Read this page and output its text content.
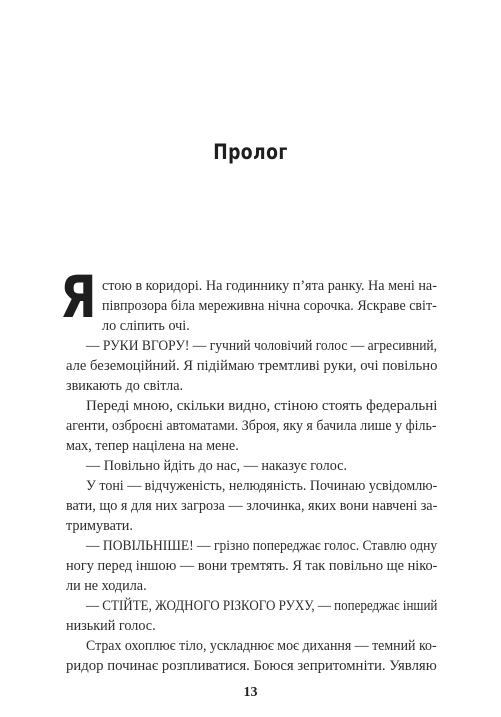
Пролог
Я стою в коридорі. На годиннику п’ята ранку. На мені на-
півпрозора біла мереживна нічна сорочка. Яскраве світ-
ло сліпить очі.
— РУКИ ВГОРУ! — гучний чоловічий голос — агресивний,
але беземоційний. Я підіймаю тремтливі руки, очі повільно
звикають до світла.
Переді мною, скільки видно, стіною стоять федеральні
агенти, озброєні автоматами. Зброя, яку я бачила лише у філь-
мах, тепер націлена на мене.
— Повільно йдіть до нас, — наказує голос.
У тоні — відчуженість, нелюдяність. Починаю усвідомлю-
вати, що я для них загроза — злочинка, яких вони навчені за-
тримувати.
— ПОВІЛЬНІШЕ! — грізно попереджає голос. Ставлю одну
ногу перед іншою — вони тремтять. Я так повільно ще ніко-
ли не ходила.
— СТІЙТЕ, ЖОДНОГО РІЗКОГО РУХУ, — попереджає інший
низький голос.
Страх охоплює тіло, ускладнює моє дихання — темний ко-
ридор починає розпливатися. Боюся зепритомніти. Уявляю
13
